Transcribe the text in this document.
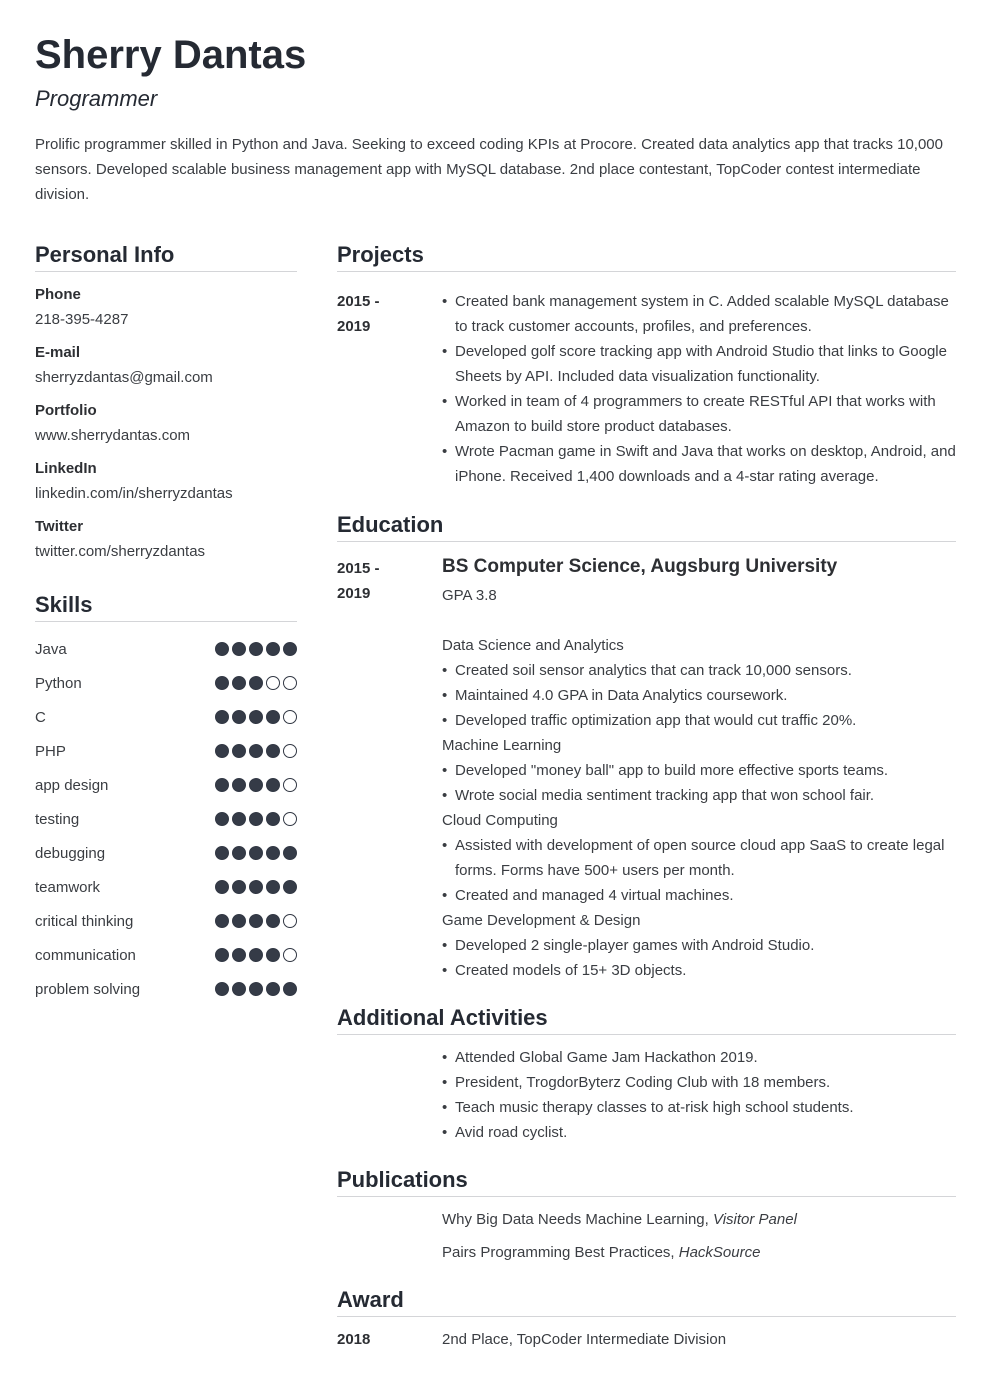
Sherry Dantas
Programmer
Prolific programmer skilled in Python and Java. Seeking to exceed coding KPIs at Procore. Created data analytics app that tracks 10,000 sensors. Developed scalable business management app with MySQL database. 2nd place contestant, TopCoder contest intermediate division.
Personal Info
Phone
218-395-4287
E-mail
sherryzdantas@gmail.com
Portfolio
www.sherrydantas.com
LinkedIn
linkedin.com/in/sherryzdantas
Twitter
twitter.com/sherryzdantas
Skills
Java
Python
C
PHP
app design
testing
debugging
teamwork
critical thinking
communication
problem solving
Projects
2015 -
2019
• Created bank management system in C. Added scalable MySQL database to track customer accounts, profiles, and preferences.
• Developed golf score tracking app with Android Studio that links to Google Sheets by API. Included data visualization functionality.
• Worked in team of 4 programmers to create RESTful API that works with Amazon to build store product databases.
• Wrote Pacman game in Swift and Java that works on desktop, Android, and iPhone. Received 1,400 downloads and a 4-star rating average.
Education
2015 -
2019
BS Computer Science, Augsburg University
GPA 3.8
Data Science and Analytics
• Created soil sensor analytics that can track 10,000 sensors.
• Maintained 4.0 GPA in Data Analytics coursework.
• Developed traffic optimization app that would cut traffic 20%.
Machine Learning
• Developed "money ball" app to build more effective sports teams.
• Wrote social media sentiment tracking app that won school fair.
Cloud Computing
• Assisted with development of open source cloud app SaaS to create legal forms. Forms have 500+ users per month.
• Created and managed 4 virtual machines.
Game Development & Design
• Developed 2 single-player games with Android Studio.
• Created models of 15+ 3D objects.
Additional Activities
• Attended Global Game Jam Hackathon 2019.
• President, TrogdorByterz Coding Club with 18 members.
• Teach music therapy classes to at-risk high school students.
• Avid road cyclist.
Publications
Why Big Data Needs Machine Learning, Visitor Panel
Pairs Programming Best Practices, HackSource
Award
2018	2nd Place, TopCoder Intermediate Division
